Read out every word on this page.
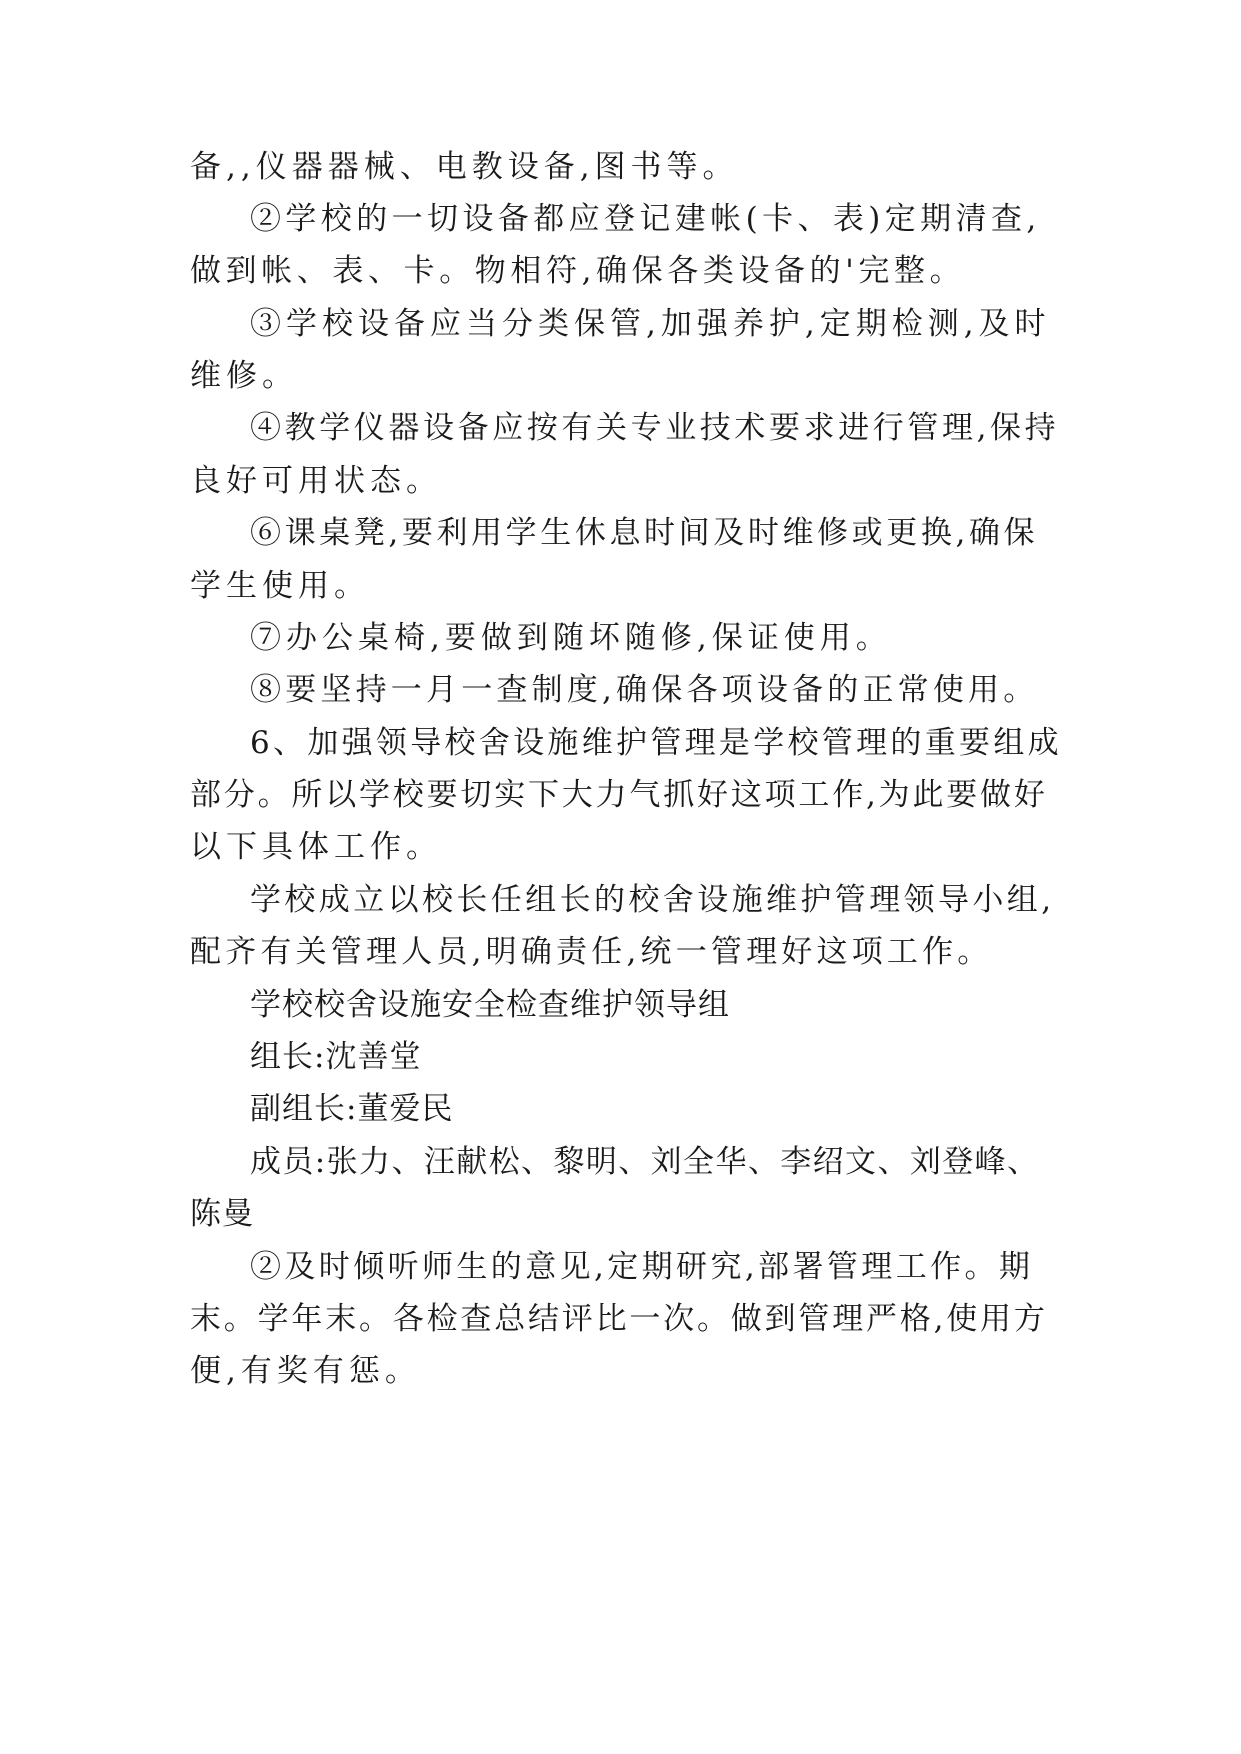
备,,仪器器械、电教设备,图书等。
②学校的一切设备都应登记建帐(卡、表)定期清查,
做到帐、表、卡。物相符,确保各类设备的'完整。
③学校设备应当分类保管,加强养护,定期检测,及时
维修。
④教学仪器设备应按有关专业技术要求进行管理,保持
良好可用状态。
⑥课桌凳,要利用学生休息时间及时维修或更换,确保
学生使用。
⑦办公桌椅,要做到随坏随修,保证使用。
⑧要坚持一月一查制度,确保各项设备的正常使用。
6、加强领导校舍设施维护管理是学校管理的重要组成
部分。所以学校要切实下大力气抓好这项工作,为此要做好
以下具体工作。
学校成立以校长任组长的校舍设施维护管理领导小组,
配齐有关管理人员,明确责任,统一管理好这项工作。
学校校舍设施安全检查维护领导组
组长:沈善堂
副组长:董爱民
成员:张力、汪献松、黎明、刘全华、李绍文、刘登峰、
陈曼
②及时倾听师生的意见,定期研究,部署管理工作。期
末。学年末。各检查总结评比一次。做到管理严格,使用方
便,有奖有惩。
